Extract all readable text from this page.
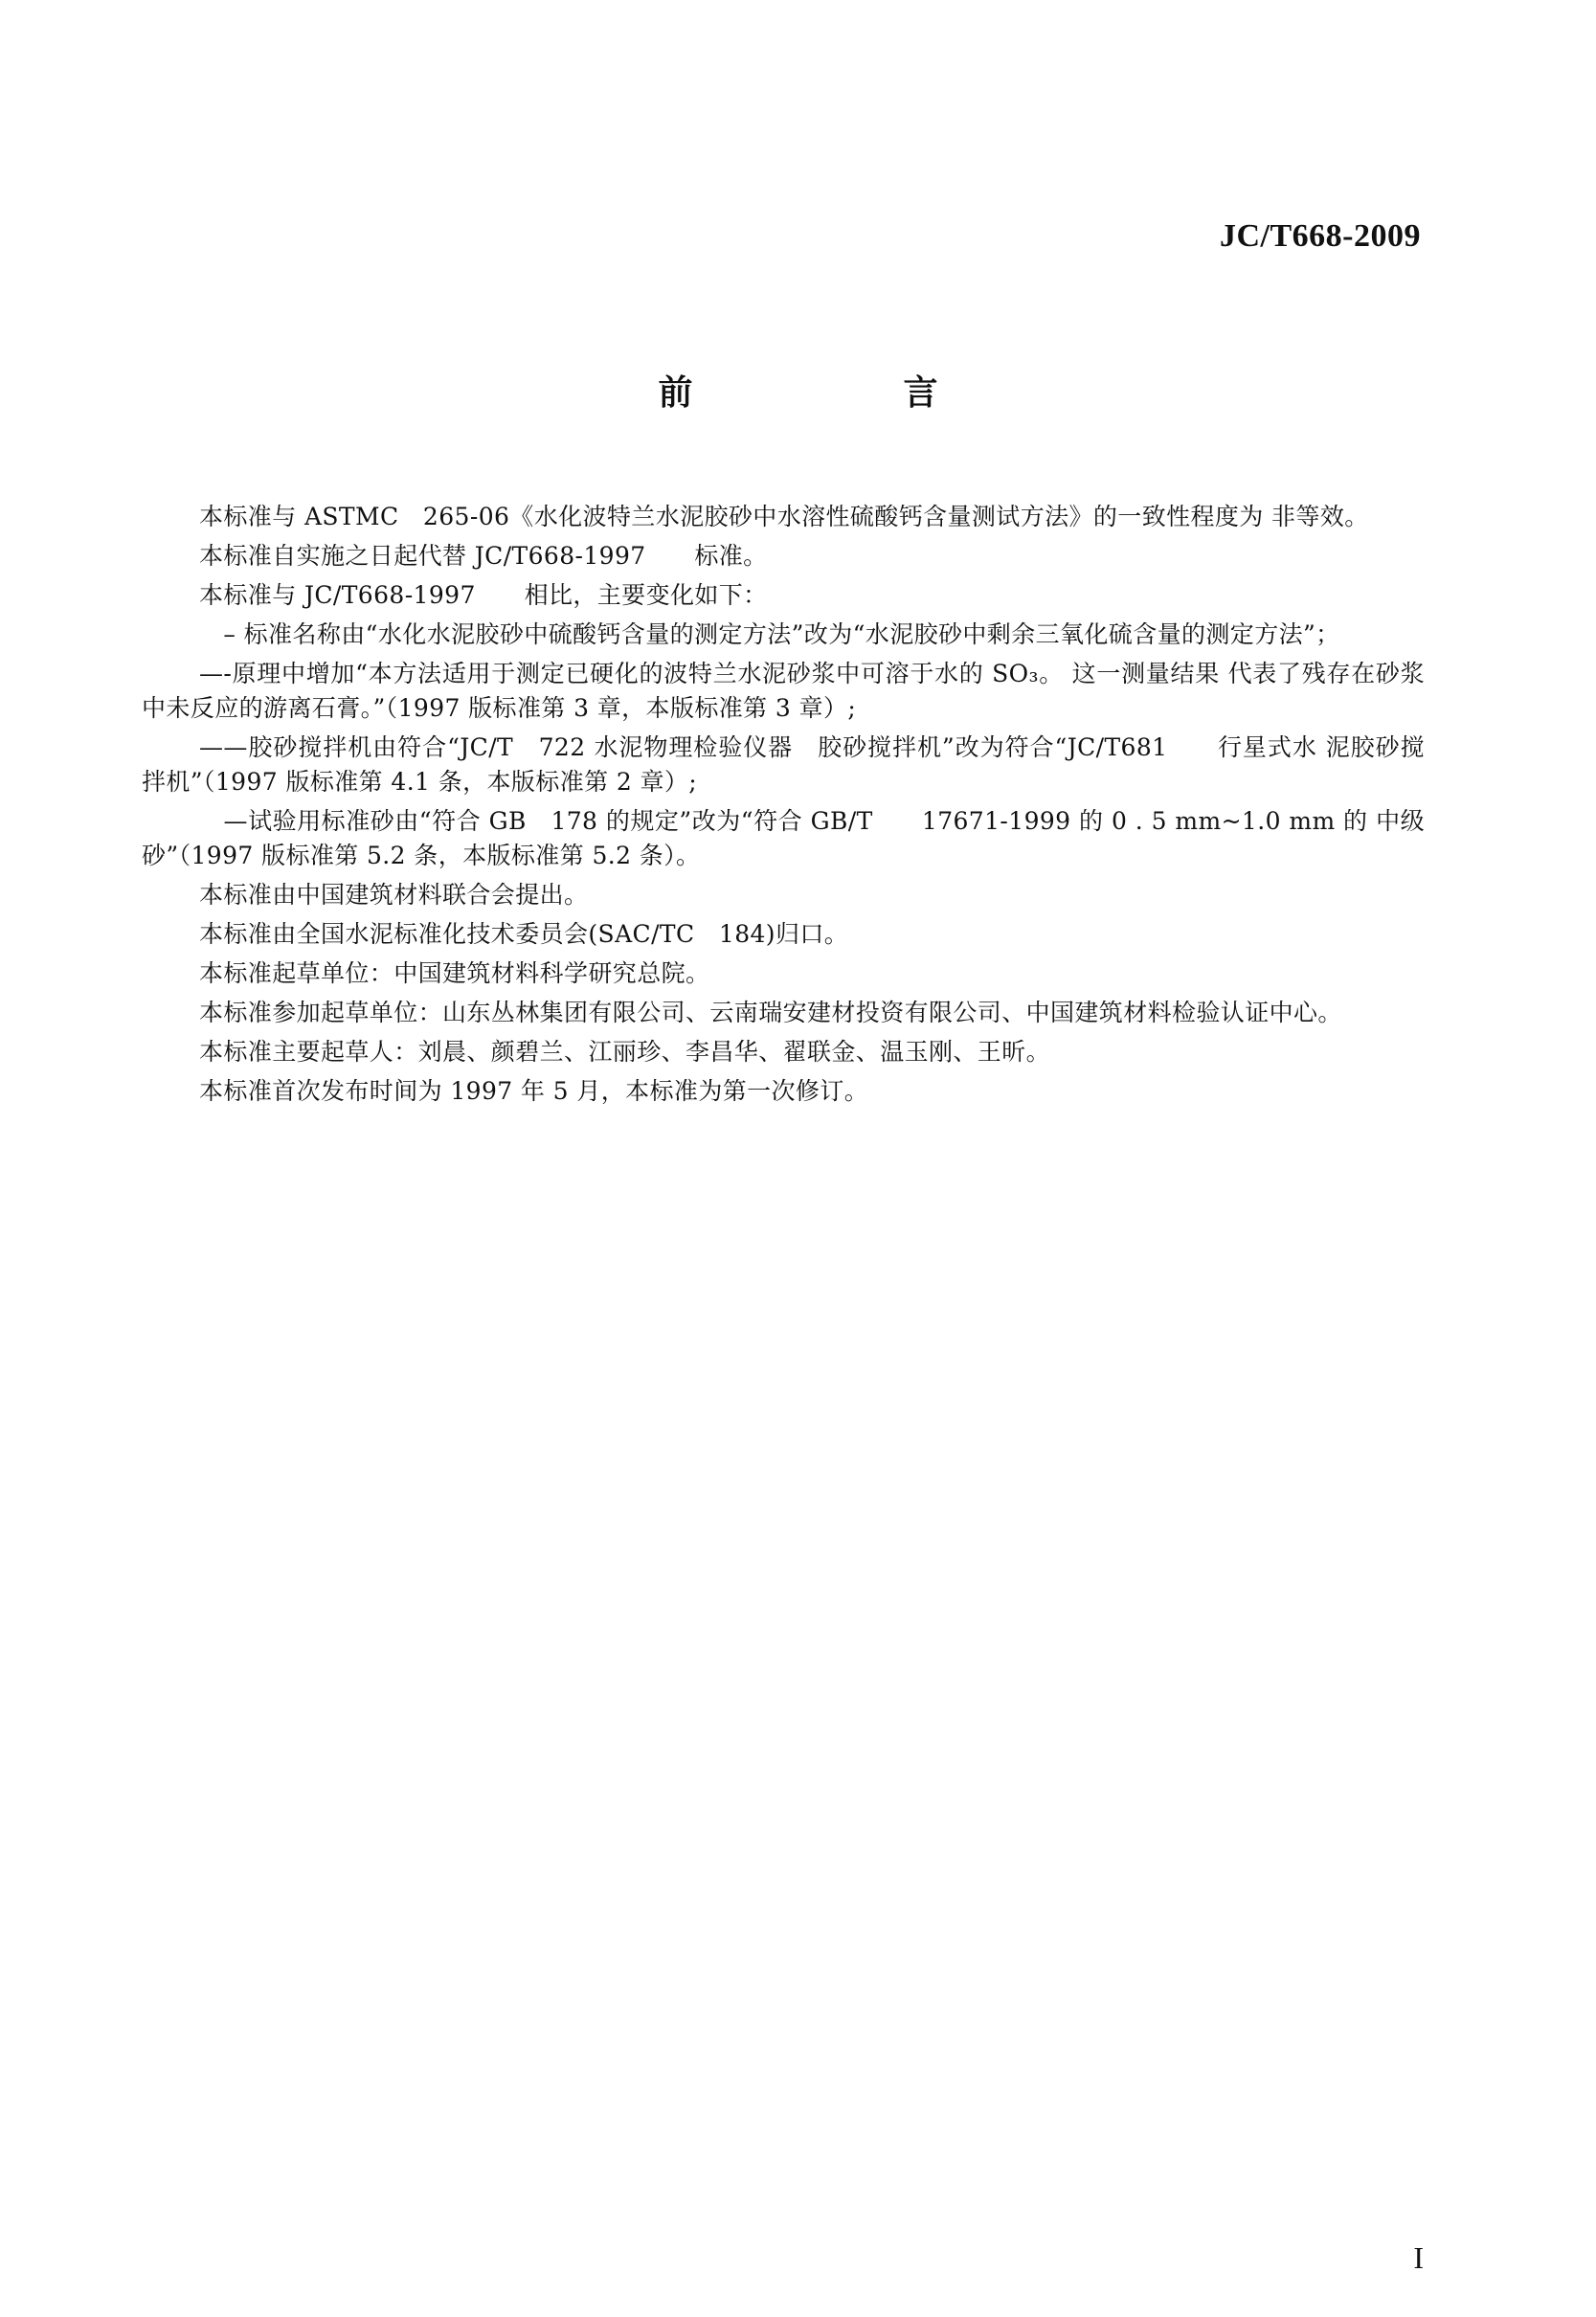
JC/T668-2009
前　言

本标准与 ASTMC　265-06《水化波特兰水泥胶砂中水溶性硫酸钙含量测试方法》的一致性程度为 非等效。

本标准自实施之日起代替 JC/T668-1997　　标准。

本标准与 JC/T668-1997　　相比，主要变化如下：

　– 标准名称由“水化水泥胶砂中硫酸钙含量的测定方法”改为“水泥胶砂中剩余三氧化硫含量的测定方法”；

—-原理中增加“本方法适用于测定已硬化的波特兰水泥砂浆中可溶于水的 SO₃。 这一测量结果 代表了残存在砂浆中未反应的游离石膏。”（1997 版标准第 3 章，本版标准第 3 章）;

——胶砂搅拌机由符合“JC/T　722 水泥物理检验仪器　胶砂搅拌机”改为符合“JC/T681　　行星式水 泥胶砂搅拌机”（1997 版标准第 4.1 条，本版标准第 2 章）;

　—试验用标准砂由“符合 GB　178 的规定”改为“符合 GB/T　　17671-1999 的 0 . 5 mm~1.0 mm 的 中级砂”（1997 版标准第 5.2 条，本版标准第 5.2 条）。

本标准由中国建筑材料联合会提出。

本标准由全国水泥标准化技术委员会(SAC/TC　184)归口。

本标准起草单位：中国建筑材料科学研究总院。

本标准参加起草单位：山东丛林集团有限公司、云南瑞安建材投资有限公司、中国建筑材料检验认证中心。

本标准主要起草人：刘晨、颜碧兰、江丽珍、李昌华、翟联金、温玉刚、王昕。

本标准首次发布时间为 1997 年 5 月，本标准为第一次修订。

I
